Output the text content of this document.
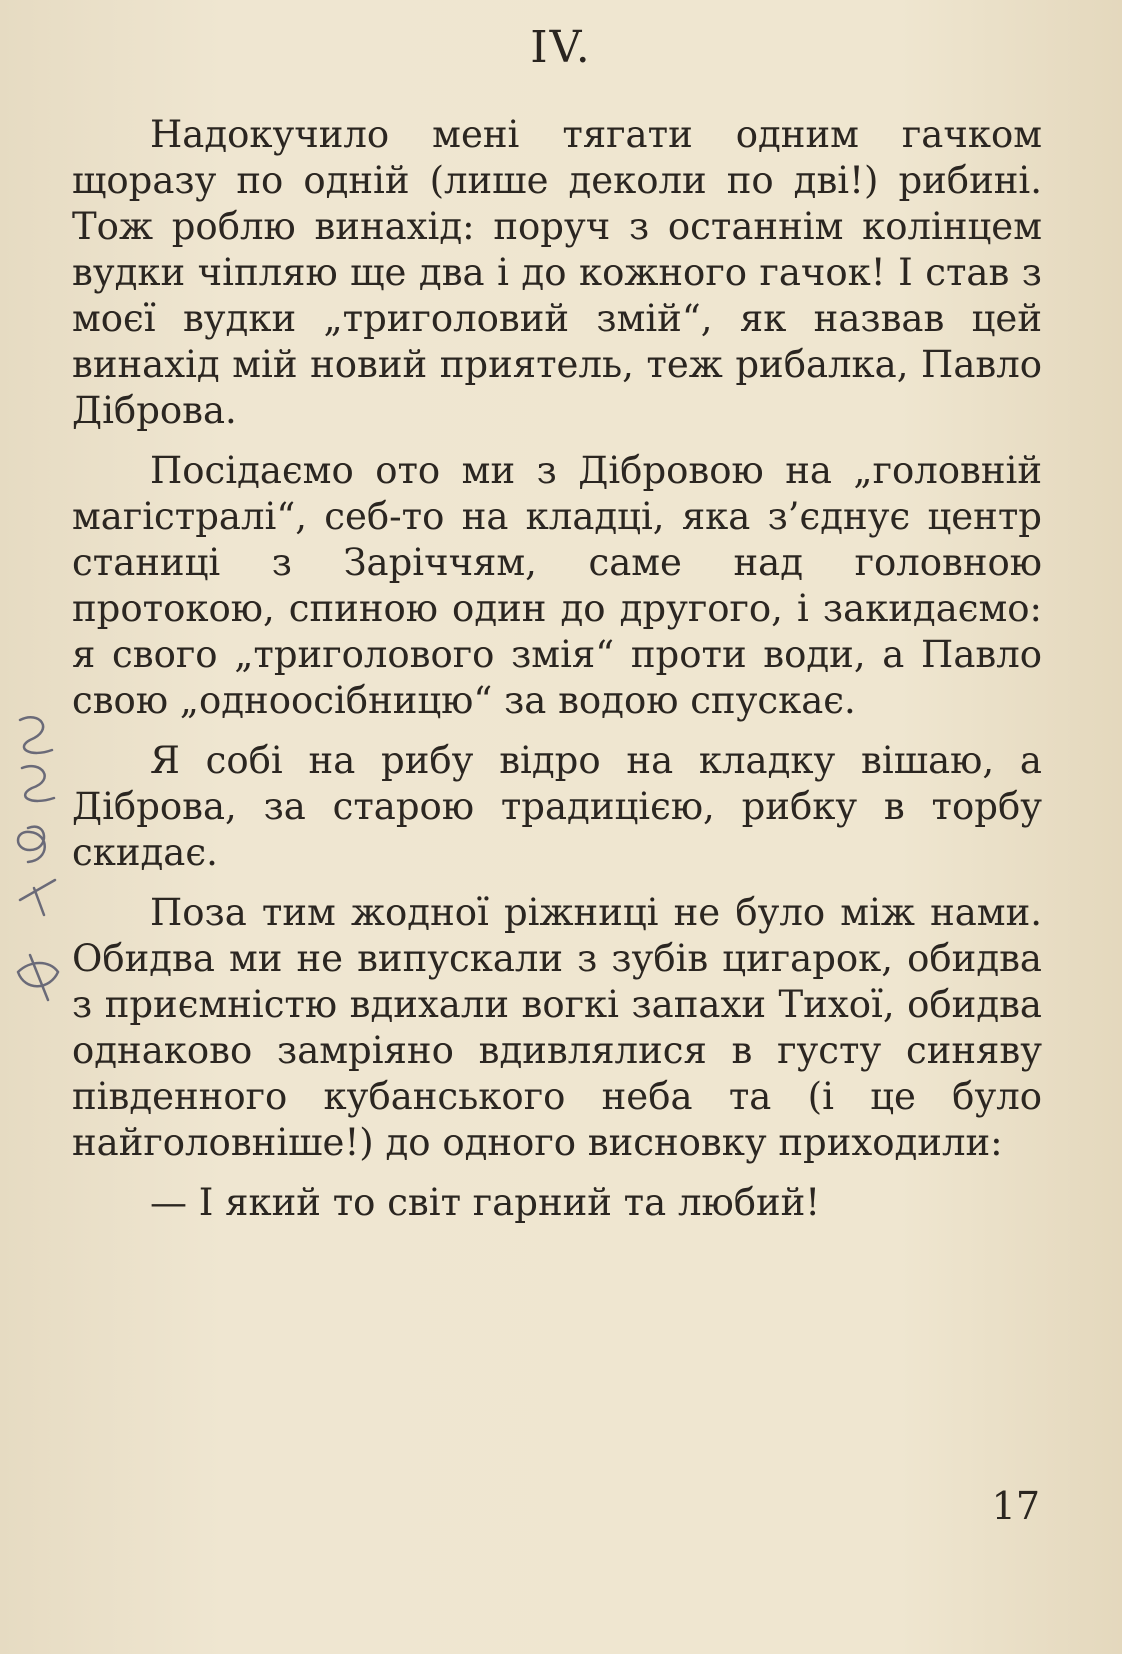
IV.

Надокучило мені тягати одним гачком щоразу по одній (лише деколи по дві!) рибині. Тож роблю винахід: поруч з останнім колінцем вудки чіпляю ще два і до кожного гачок! І став з моєї вудки „триголовий змій“, як назвав цей винахід мій новий приятель, теж рибалка, Павло Діброва.

Посідаємо ото ми з Дібровою на „головній магістралі“, себ-то на кладці, яка з’єднує центр станиці з Заріччям, саме над головною протокою, спиною один до другого, і закидаємо: я свого „триголового змія“ проти води, а Павло свою „одноосібницю“ за водою спускає.

Я собі на рибу відро на кладку вішаю, а Діброва, за старою традицією, рибку в торбу скидає.

Поза тим жодної ріжниці не було між нами. Обидва ми не випускали з зубів цигарок, обидва з приємністю вдихали вогкі запахи Тихої, обидва однаково замріяно вдивлялися в густу синяву південного кубанського неба та (і це було найголовніше!) до одного висновку приходили:

— І який то світ гарний та любий!

17
